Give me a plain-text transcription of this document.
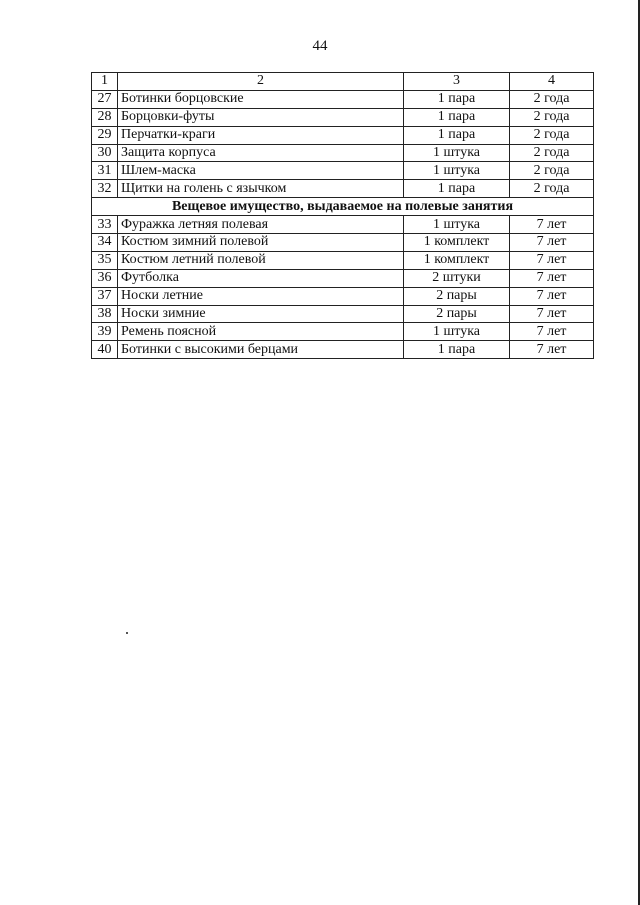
44
1	2	3	4
27	Ботинки борцовские	1 пара	2 года
28	Борцовки-футы	1 пара	2 года
29	Перчатки-краги	1 пара	2 года
30	Защита корпуса	1 штука	2 года
31	Шлем-маска	1 штука	2 года
32	Щитки на голень с язычком	1 пара	2 года
Вещевое имущество, выдаваемое на полевые занятия			
33	Фуражка летняя полевая	1 штука	7 лет
34	Костюм зимний полевой	1 комплект	7 лет
35	Костюм летний полевой	1 комплект	7 лет
36	Футболка	2 штуки	7 лет
37	Носки летние	2 пары	7 лет
38	Носки зимние	2 пары	7 лет
39	Ремень поясной	1 штука	7 лет
40	Ботинки с высокими берцами	1 пара	7 лет
